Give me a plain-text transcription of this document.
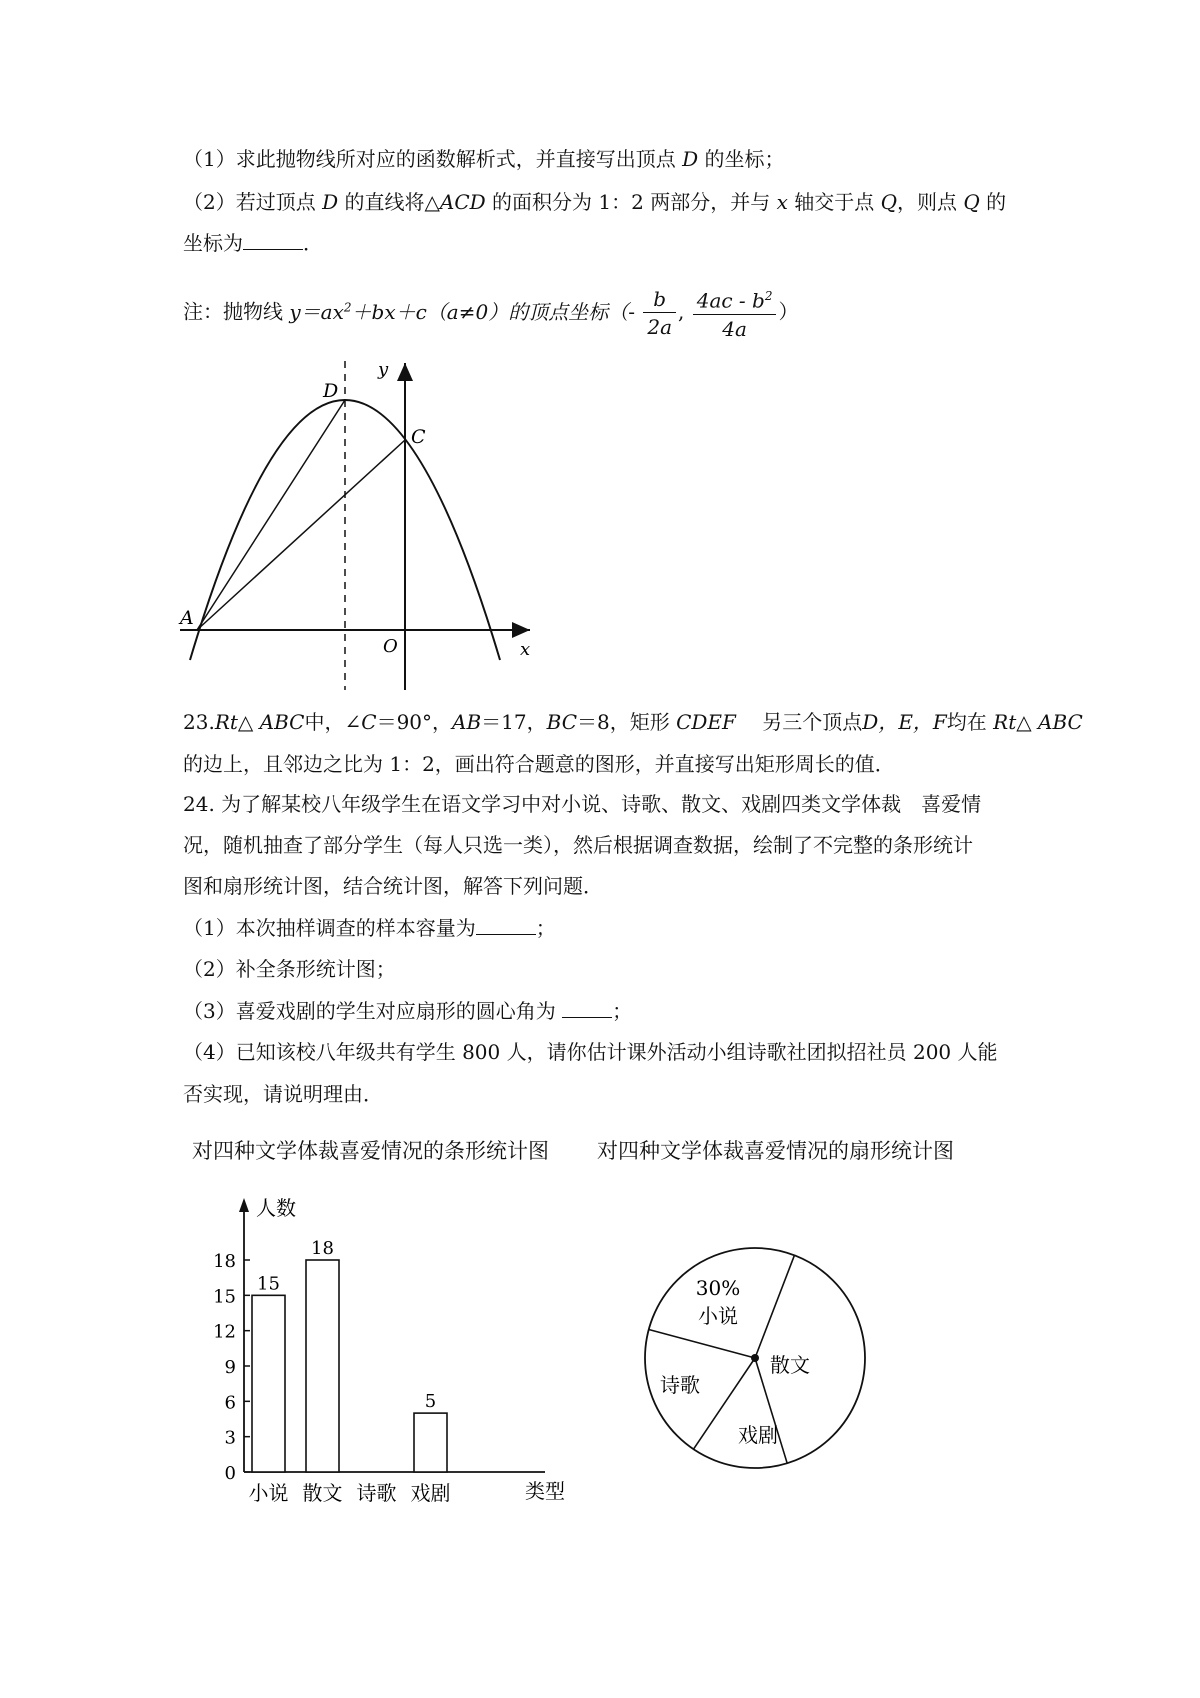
（1）求此抛物线所对应的函数解析式，并直接写出顶点 D 的坐标；
（2）若过顶点 D 的直线将△ACD 的面积分为 1：2 两部分，并与 x 轴交于点 Q，则点 Q 的
坐标为	．
注：抛物线 $y=ax^2+bx+c(a\ne 0)$的顶点坐标（- $\frac{b}{2a}$ , $\frac{4ac - b^2}{4a}$ ）
y
x
D
C
A
O
23.Rt△ ABC中，∠C＝90°，AB＝17，BC＝8，矩形 CDEF　 另三个顶点D，E，F均在 Rt△ ABC
的边上，且邻边之比为 1：2，画出符合题意的图形，并直接写出矩形周长的值．
24. 为了解某校八年级学生在语文学习中对小说、诗歌、散文、戏剧四类文学体裁　喜爱情
况，随机抽查了部分学生（每人只选一类），然后根据调查数据，绘制了不完整的条形统计
图和扇形统计图，结合统计图，解答下列问题．
（1）本次抽样调查的样本容量为	；
（2）补全条形统计图；
（3）喜爱戏剧的学生对应扇形的圆心角为	；
（4）已知该校八年级共有学生 800 人，请你估计课外活动小组诗歌社团拟招社员 200 人能
否实现，请说明理由．
对四种文学体裁喜爱情况的条形统计图 对四种文学体裁喜爱情况的扇形统计图
人数
类型
0
3
6
9
12
15
18
小说
15
散文
18
诗歌 戏剧
5
30%
小说
散文
戏剧
诗歌
